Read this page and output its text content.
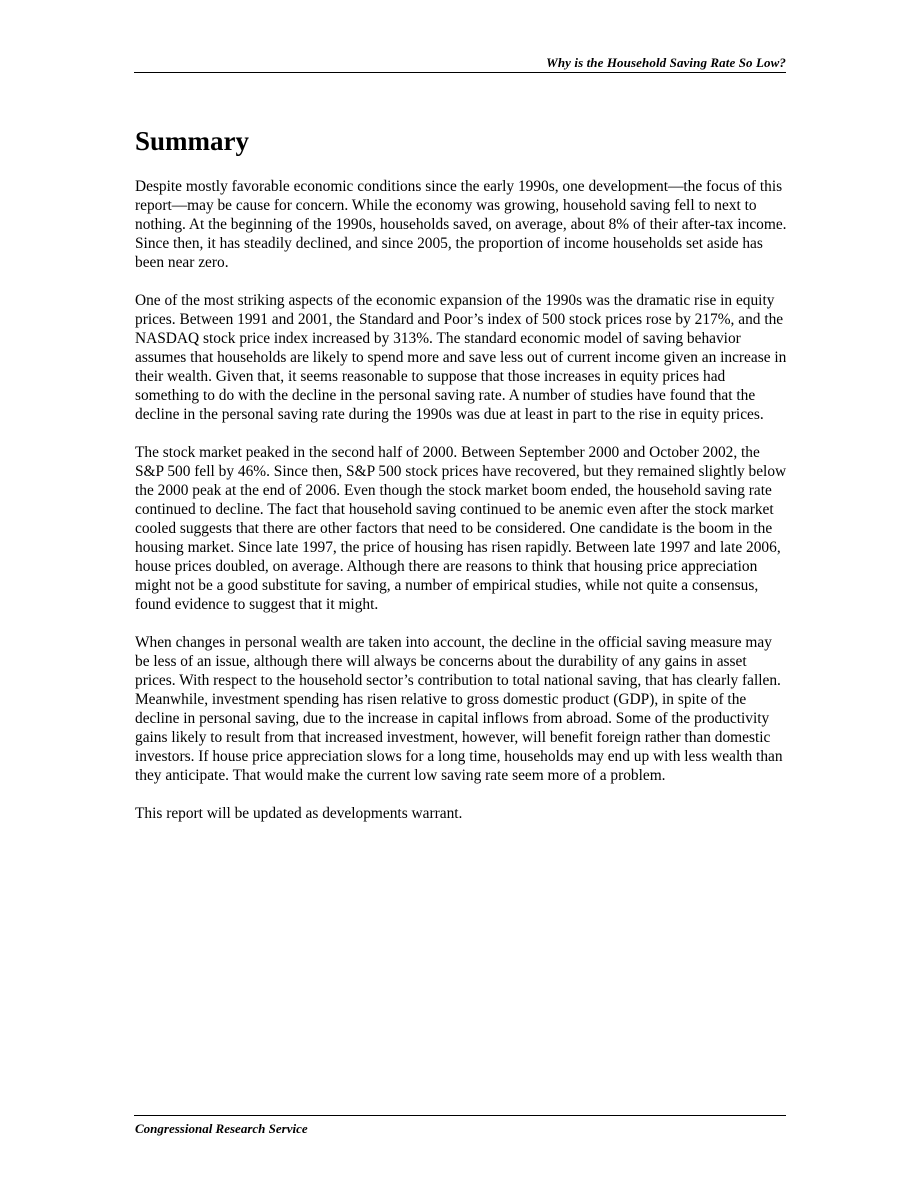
Why is the Household Saving Rate So Low?
Summary

Despite mostly favorable economic conditions since the early 1990s, one development—the focus of this report—may be cause for concern. While the economy was growing, household saving fell to next to nothing. At the beginning of the 1990s, households saved, on average, about 8% of their after-tax income. Since then, it has steadily declined, and since 2005, the proportion of income households set aside has been near zero.

One of the most striking aspects of the economic expansion of the 1990s was the dramatic rise in equity prices. Between 1991 and 2001, the Standard and Poor’s index of 500 stock prices rose by 217%, and the NASDAQ stock price index increased by 313%. The standard economic model of saving behavior assumes that households are likely to spend more and save less out of current income given an increase in their wealth. Given that, it seems reasonable to suppose that those increases in equity prices had something to do with the decline in the personal saving rate. A number of studies have found that the decline in the personal saving rate during the 1990s was due at least in part to the rise in equity prices.

The stock market peaked in the second half of 2000. Between September 2000 and October 2002, the S&P 500 fell by 46%. Since then, S&P 500 stock prices have recovered, but they remained slightly below the 2000 peak at the end of 2006. Even though the stock market boom ended, the household saving rate continued to decline. The fact that household saving continued to be anemic even after the stock market cooled suggests that there are other factors that need to be considered. One candidate is the boom in the housing market. Since late 1997, the price of housing has risen rapidly. Between late 1997 and late 2006, house prices doubled, on average. Although there are reasons to think that housing price appreciation might not be a good substitute for saving, a number of empirical studies, while not quite a consensus, found evidence to suggest that it might.

When changes in personal wealth are taken into account, the decline in the official saving measure may be less of an issue, although there will always be concerns about the durability of any gains in asset prices. With respect to the household sector’s contribution to total national saving, that has clearly fallen. Meanwhile, investment spending has risen relative to gross domestic product (GDP), in spite of the decline in personal saving, due to the increase in capital inflows from abroad. Some of the productivity gains likely to result from that increased investment, however, will benefit foreign rather than domestic investors. If house price appreciation slows for a long time, households may end up with less wealth than they anticipate. That would make the current low saving rate seem more of a problem.

This report will be updated as developments warrant.

Congressional Research Service
